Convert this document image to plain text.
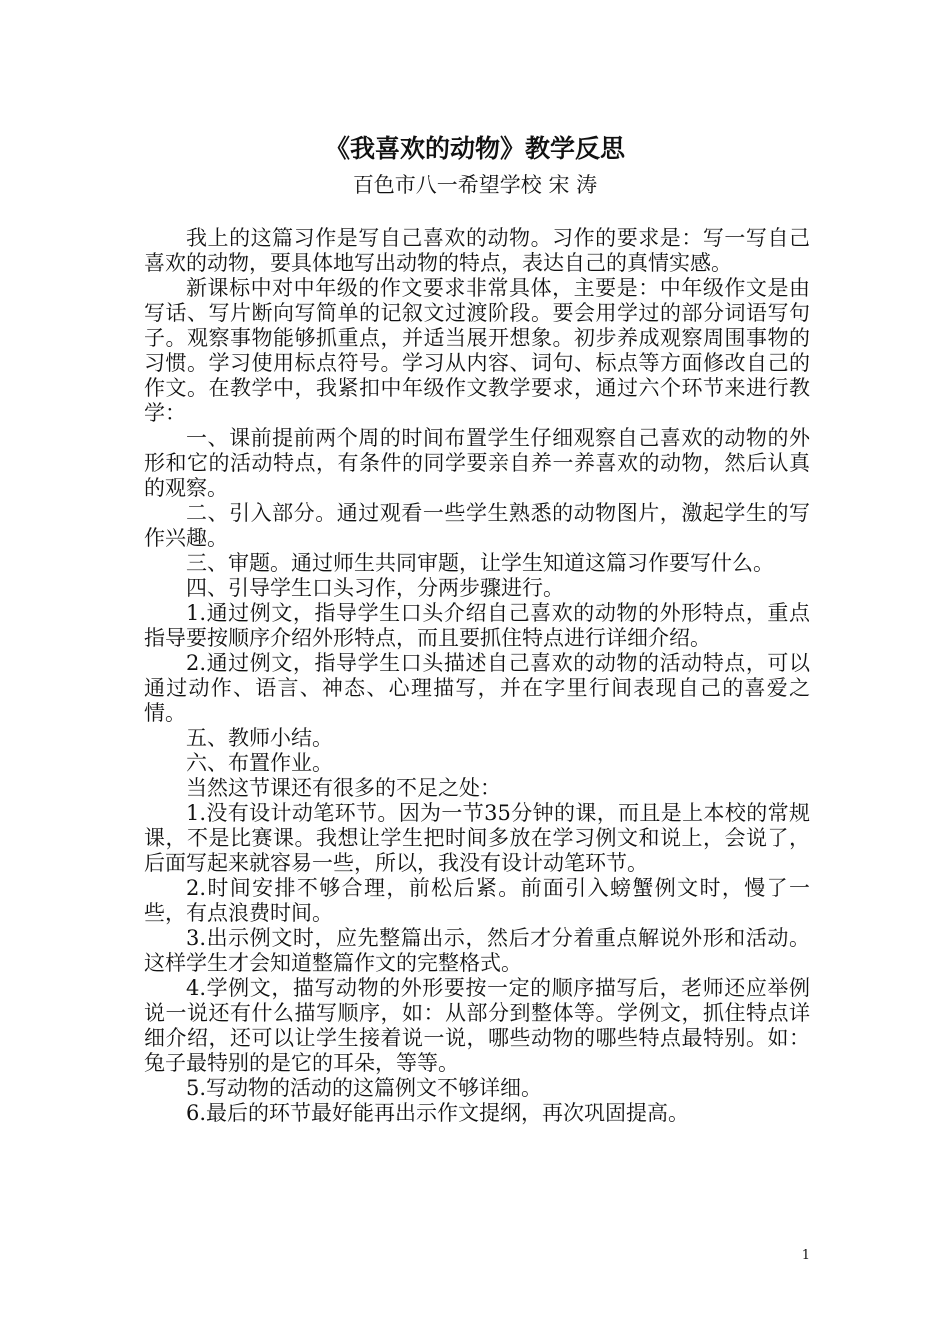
《我喜欢的动物》教学反思
百色市八一希望学校 宋 涛

我上的这篇习作是写自己喜欢的动物。习作的要求是：写一写自己喜欢的动物，要具体地写出动物的特点，表达自己的真情实感。

新课标中对中年级的作文要求非常具体，主要是：中年级作文是由写话、写片断向写简单的记叙文过渡阶段。要会用学过的部分词语写句子。观察事物能够抓重点，并适当展开想象。初步养成观察周围事物的习惯。学习使用标点符号。学习从内容、词句、标点等方面修改自己的作文。在教学中，我紧扣中年级作文教学要求，通过六个环节来进行教学：

一、课前提前两个周的时间布置学生仔细观察自己喜欢的动物的外形和它的活动特点，有条件的同学要亲自养一养喜欢的动物，然后认真的观察。

二、引入部分。通过观看一些学生熟悉的动物图片，激起学生的写作兴趣。

三、审题。通过师生共同审题，让学生知道这篇习作要写什么。

四、引导学生口头习作，分两步骤进行。

1.通过例文，指导学生口头介绍自己喜欢的动物的外形特点，重点指导要按顺序介绍外形特点，而且要抓住特点进行详细介绍。

2.通过例文，指导学生口头描述自己喜欢的动物的活动特点，可以通过动作、语言、神态、心理描写，并在字里行间表现自己的喜爱之情。

五、教师小结。

六、布置作业。

当然这节课还有很多的不足之处：

1.没有设计动笔环节。因为一节35分钟的课，而且是上本校的常规课，不是比赛课。我想让学生把时间多放在学习例文和说上，会说了，后面写起来就容易一些，所以，我没有设计动笔环节。

2.时间安排不够合理，前松后紧。前面引入螃蟹例文时，慢了一些，有点浪费时间。

3.出示例文时，应先整篇出示，然后才分着重点解说外形和活动。这样学生才会知道整篇作文的完整格式。

4.学例文，描写动物的外形要按一定的顺序描写后，老师还应举例说一说还有什么描写顺序，如：从部分到整体等。学例文，抓住特点详细介绍，还可以让学生接着说一说，哪些动物的哪些特点最特别。如：兔子最特别的是它的耳朵，等等。

5.写动物的活动的这篇例文不够详细。

6.最后的环节最好能再出示作文提纲，再次巩固提高。

1
